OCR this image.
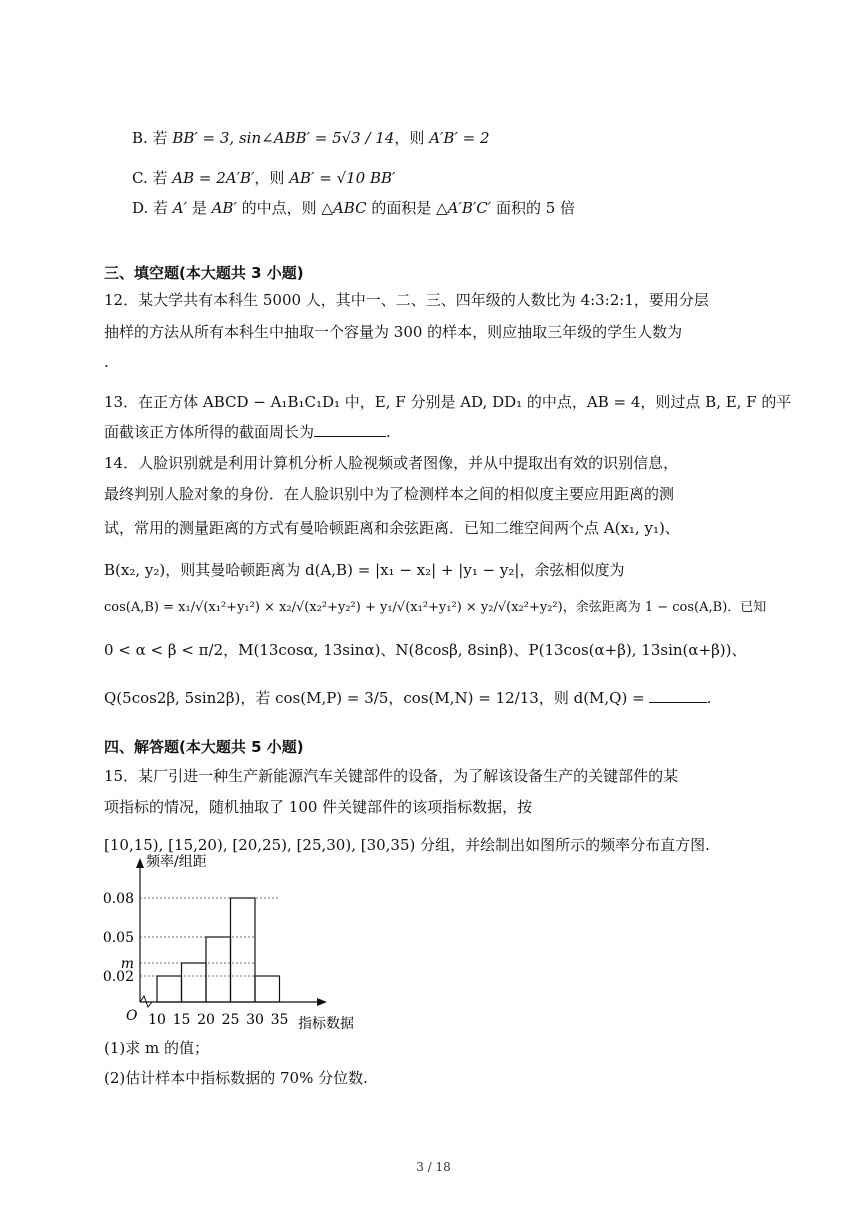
B. 若 BB′ = 3, sin∠ABB′ = 5√3 / 14，则 A′B′ = 2
C. 若 AB = 2A′B′，则 AB′ = √10 BB′
D. 若 A′ 是 AB′ 的中点，则 △ABC 的面积是 △A′B′C′ 面积的 5 倍
三、填空题(本大题共 3 小题)
12．某大学共有本科生 5000 人，其中一、二、三、四年级的人数比为 4:3:2:1，要用分层
抽样的方法从所有本科生中抽取一个容量为 300 的样本，则应抽取三年级的学生人数为
.
13．在正方体 ABCD − A₁B₁C₁D₁ 中，E, F 分别是 AD, DD₁ 的中点，AB = 4，则过点 B, E, F 的平
面截该正方体所得的截面周长为	.
14．人脸识别就是利用计算机分析人脸视频或者图像，并从中提取出有效的识别信息，
最终判别人脸对象的身份．在人脸识别中为了检测样本之间的相似度主要应用距离的测
试，常用的测量距离的方式有曼哈顿距离和余弦距离．已知二维空间两个点 A(x₁, y₁)、
B(x₂, y₂)，则其曼哈顿距离为 d(A,B) = |x₁ − x₂| + |y₁ − y₂|，余弦相似度为
cos(A,B) = x₁/√(x₁²+y₁²) × x₂/√(x₂²+y₂²) + y₁/√(x₁²+y₁²) × y₂/√(x₂²+y₂²)，余弦距离为 1 − cos(A,B)．已知
0 < α < β < π/2，M(13cosα, 13sinα)、N(8cosβ, 8sinβ)、P(13cos(α+β), 13sin(α+β))、
Q(5cos2β, 5sin2β)，若 cos(M,P) = 3/5，cos(M,N) = 12/13，则 d(M,Q) =	.
四、解答题(本大题共 5 小题)
15．某厂引进一种生产新能源汽车关键部件的设备，为了解该设备生产的关键部件的某
项指标的情况，随机抽取了 100 件关键部件的该项指标数据，按
[10,15), [15,20), [20,25), [25,30), [30,35) 分组，并绘制出如图所示的频率分布直方图.
0.08
0.05
m
0.02
10 15 20 25 30 35
O
频率/组距
指标数据
(1)求 m 的值；
(2)估计样本中指标数据的 70% 分位数.
3 / 18
